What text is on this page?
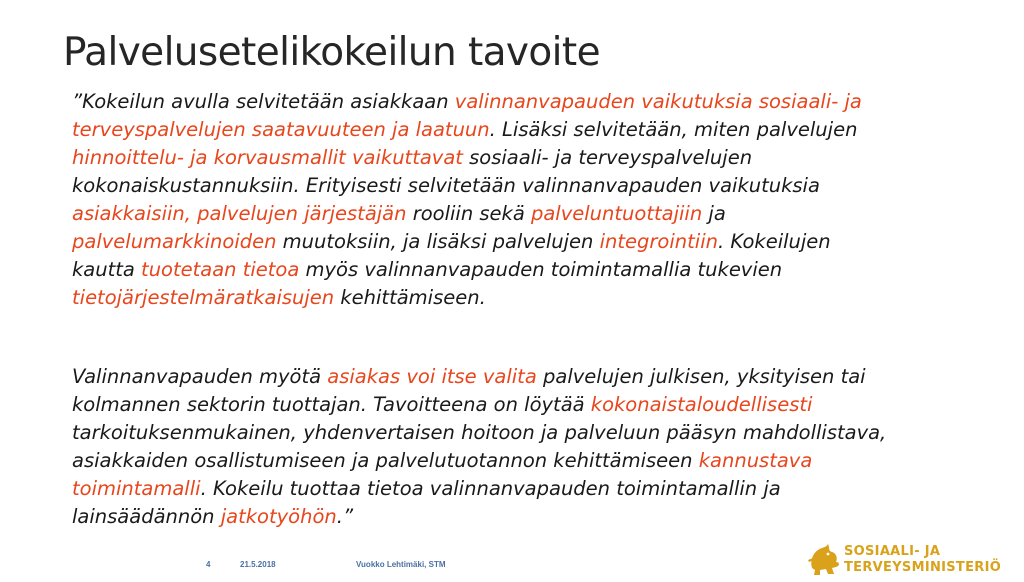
Palvelusetelikokeilun tavoite
”Kokeilun avulla selvitetään asiakkaan valinnanvapauden vaikutuksia sosiaali- ja
terveyspalvelujen saatavuuteen ja laatuun. Lisäksi selvitetään, miten palvelujen
hinnoittelu- ja korvausmallit vaikuttavat sosiaali- ja terveyspalvelujen
kokonaiskustannuksiin. Erityisesti selvitetään valinnanvapauden vaikutuksia
asiakkaisiin, palvelujen järjestäjän rooliin sekä palveluntuottajiin ja
palvelumarkkinoiden muutoksiin, ja lisäksi palvelujen integrointiin. Kokeilujen
kautta tuotetaan tietoa myös valinnanvapauden toimintamallia tukevien
tietojärjestelmäratkaisujen kehittämiseen.
Valinnanvapauden myötä asiakas voi itse valita palvelujen julkisen, yksityisen tai
kolmannen sektorin tuottajan. Tavoitteena on löytää kokonaistaloudellisesti
tarkoituksenmukainen, yhdenvertaisen hoitoon ja palveluun pääsyn mahdollistava,
asiakkaiden osallistumiseen ja palvelutuotannon kehittämiseen kannustava
toimintamalli. Kokeilu tuottaa tietoa valinnanvapauden toimintamallin ja
lainsäädännön jatkotyöhön.”
4	21.5.2018	Vuokko Lehtimäki, STM
SOSIAALI- JA
TERVEYSMINISTERIÖ
